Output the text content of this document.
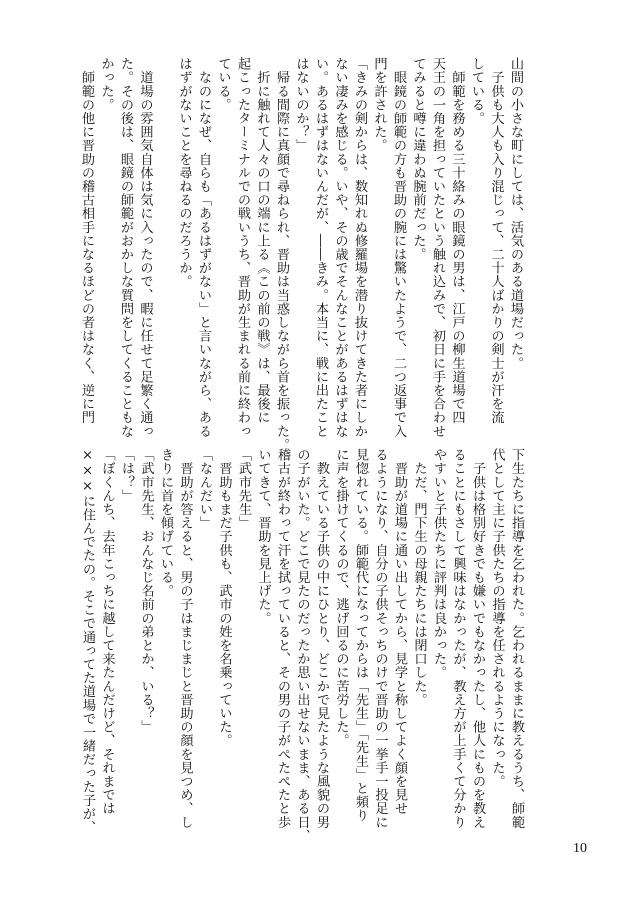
山間の小さな町にしては、活気のある道場だった。
　子供も大人も入り混じって、二十人ばかりの剣士が汗を流
している。
　師範を務める三十絡みの眼鏡の男は、江戸の柳生道場で四
天王の一角を担っていたという触れ込みで、初日に手を合わせ
てみると噂に違わぬ腕前だった。
　眼鏡の師範の方も晋助の腕には驚いたようで、二つ返事で入
門を許された。
「きみの剣からは、数知れぬ修羅場を潜り抜けてきた者にしか
ない凄みを感じる。いや、その歳でそんなことがあるはずはな
い。あるはずはないんだが、――きみ。本当に、戦に出たこと
はないのか？」
　帰る間際に真顔で尋ねられ、晋助は当惑しながら首を振った。
　折に触れて人々の口の端に上る《この前の戦》は、最後に
起こったターミナルでの戦いうち、晋助が生まれる前に終わっ
ている。
　なのになぜ、自らも「あるはずがない」と言いながら、ある
はずがないことを尋ねるのだろうか。

　道場の雰囲気自体は気に入ったので、暇に任せて足繁く通っ
た。その後は、眼鏡の師範がおかしな質問をしてくることもな
かった。
　師範の他に晋助の稽古相手になるほどの者はなく、逆に門
下生たちに指導を乞われた。乞われるままに教えるうち、師範
代として主に子供たちの指導を任されるようになった。
　子供は格別好きでも嫌いでもなかったし、他人にものを教え
ることにもさして興味はなかったが、教え方が上手くて分かり
やすいと子供たちに評判は良かった。
　ただ、門下生の母親たちには閉口した。
　晋助が道場に通い出してから、見学と称してよく顔を見せ
るようになり、自分の子供そっちのけで晋助の一挙手一投足に
見惚れている。師範代になってからは「先生」「先生」と頻り
に声を掛けてくるので、逃げ回るのに苦労した。
　教えている子供の中にひとり、どこかで見たような風貌の男
の子がいた。どこで見たのだったか思い出せないまま、ある日、
稽古が終わって汗を拭っていると、その男の子がぺたぺたと歩
いてきて、晋助を見上げた。
「武市先生」
　晋助もまだ子供も、武市の姓を名乗っていた。
「なんだい」
　晋助が答えると、男の子はまじまじと晋助の顔を見つめ、し
きりに首を傾げている。
「武市先生、おんなじ名前の弟とか、いる？」
「は？」
「ぼくんち、去年こっちに越して来たんだけど、それまでは
×××に住んでたの。そこで通ってた道場で一緒だった子が、
10
